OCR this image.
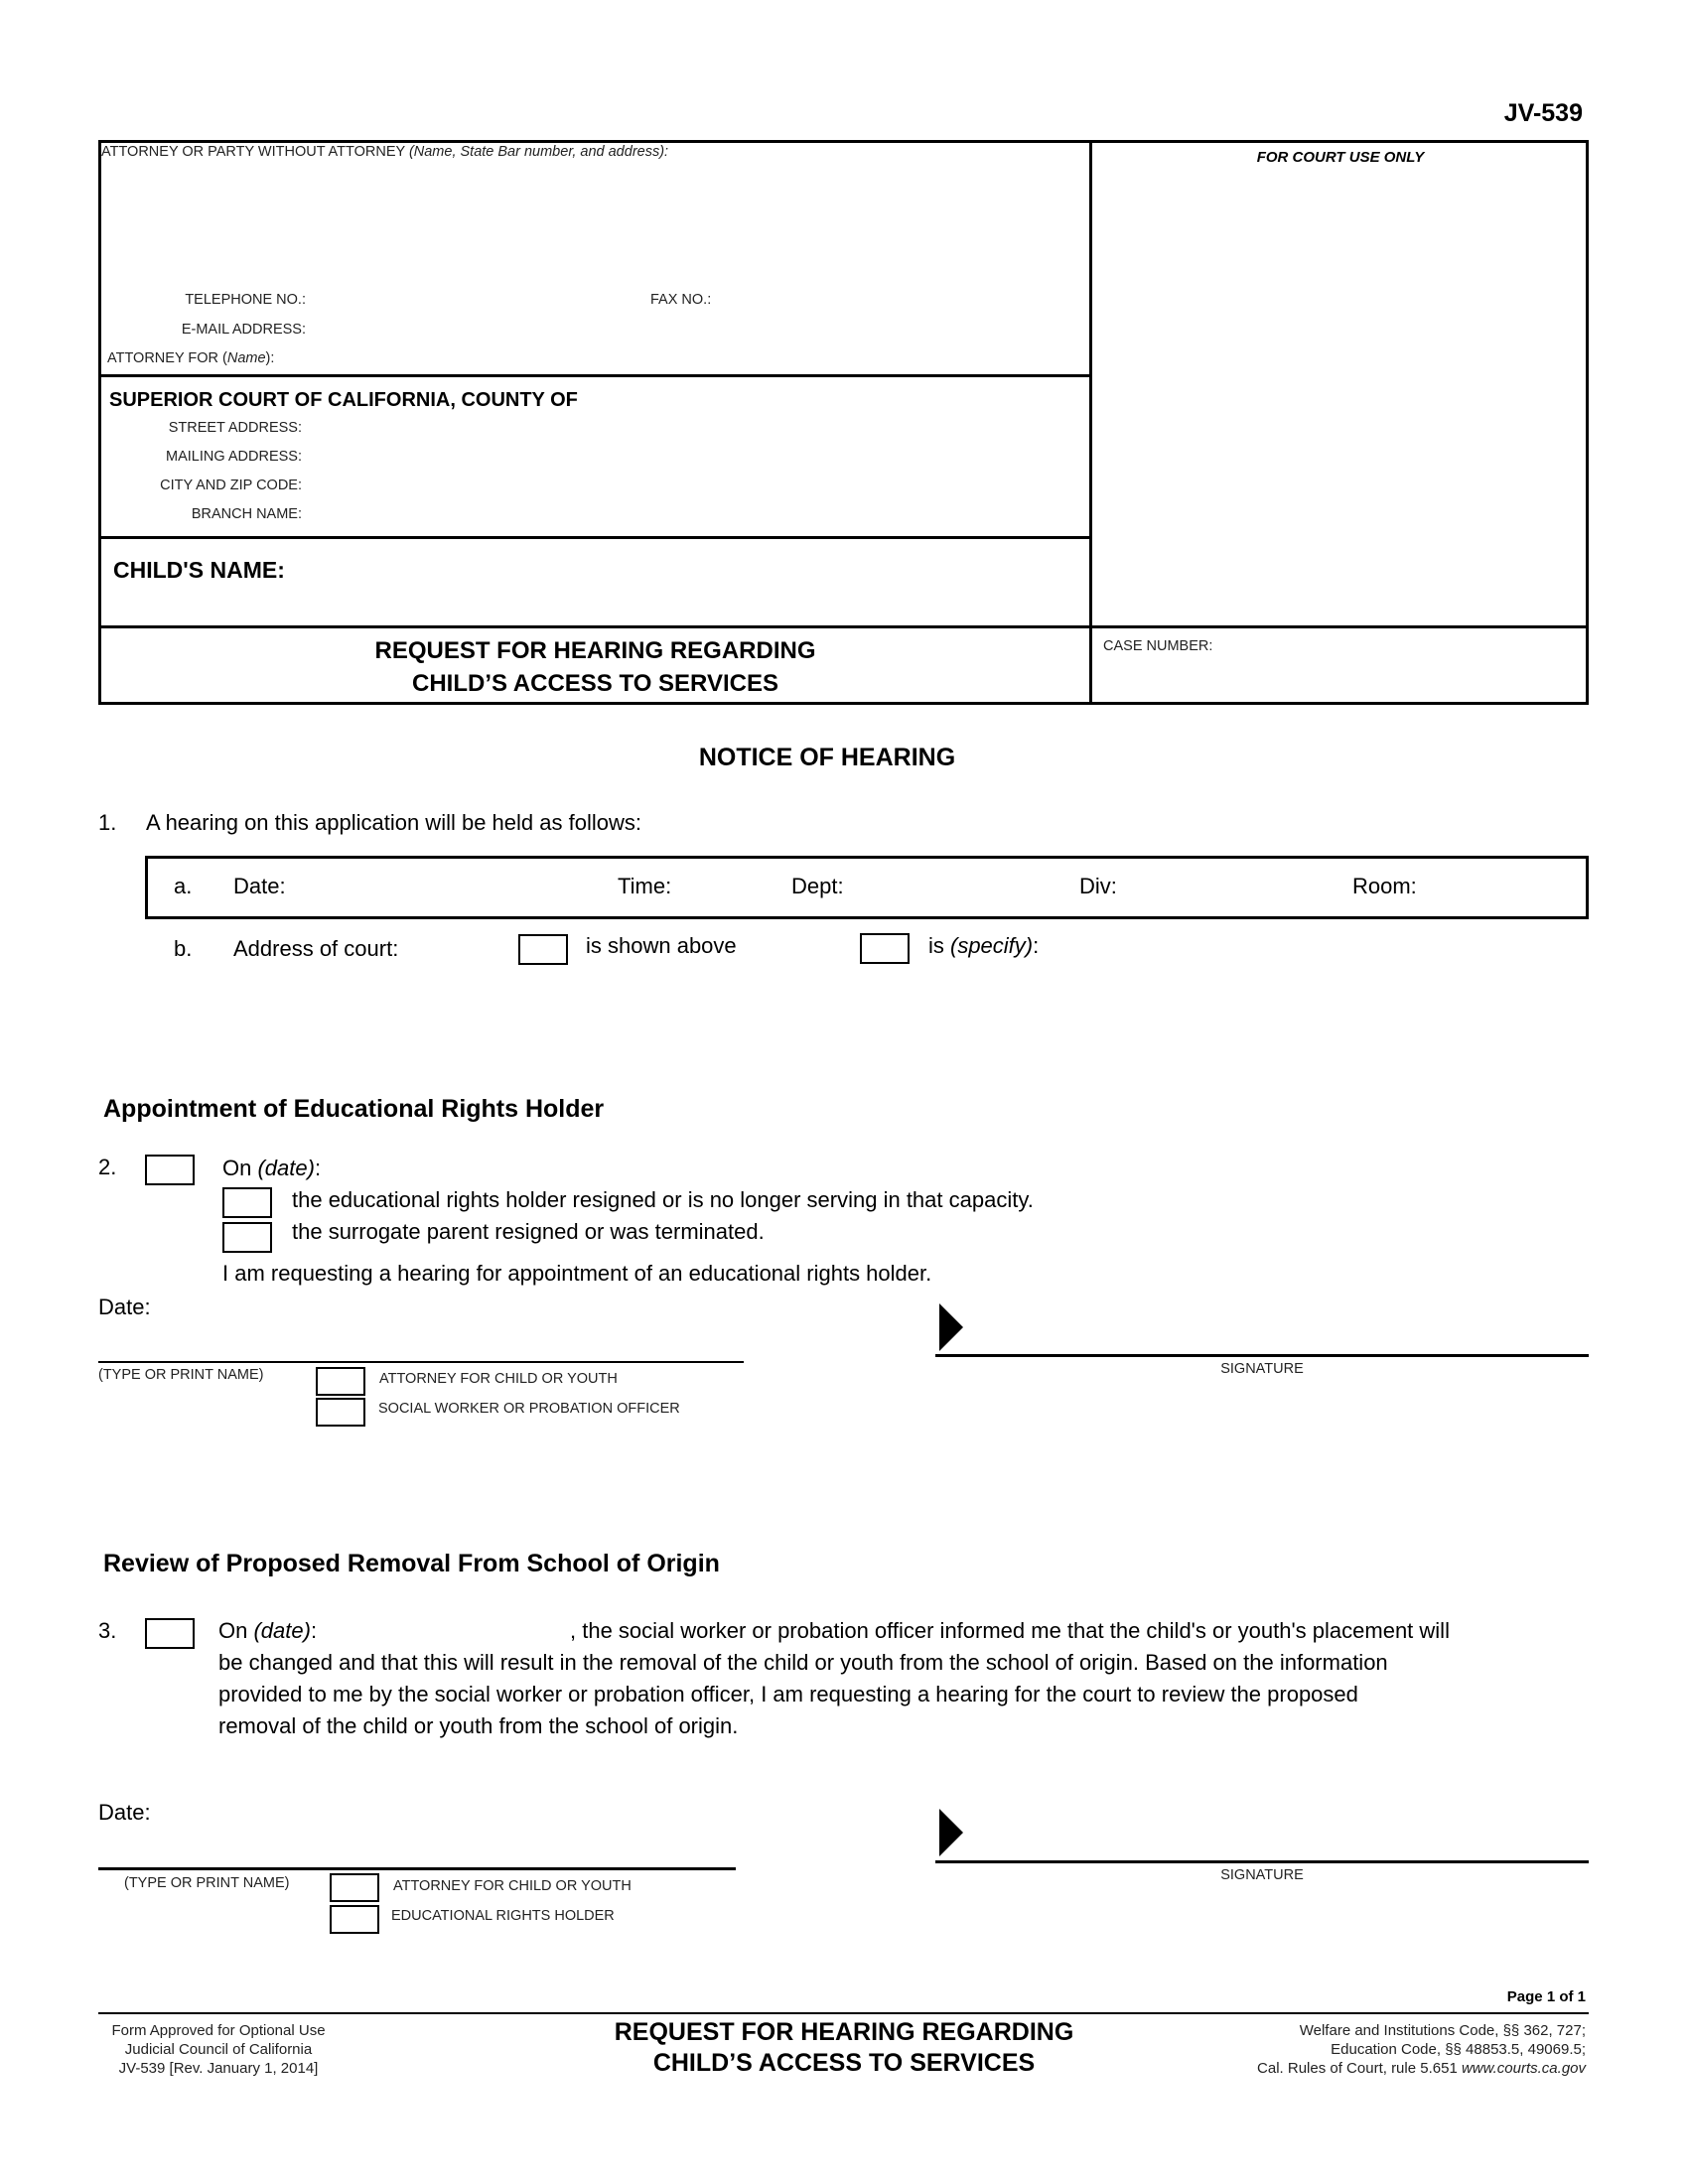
JV-539
ATTORNEY OR PARTY WITHOUT ATTORNEY (Name, State Bar number, and address):
TELEPHONE NO.:	FAX NO.:
E-MAIL ADDRESS:
ATTORNEY FOR (Name):
SUPERIOR COURT OF CALIFORNIA, COUNTY OF
STREET ADDRESS:
MAILING ADDRESS:
CITY AND ZIP CODE:
BRANCH NAME:
CHILD'S NAME:
REQUEST FOR HEARING REGARDING
CHILD’S ACCESS TO SERVICES
FOR COURT USE ONLY
CASE NUMBER:
NOTICE OF HEARING
1. A hearing on this application will be held as follows:
a. Date:	Time:	Dept:	Div:	Room:
b. Address of court:	is shown above	is (specify):
Appointment of Educational Rights Holder
2.	On (date):
the educational rights holder resigned or is no longer serving in that capacity.
the surrogate parent resigned or was terminated.
I am requesting a hearing for appointment of an educational rights holder.
Date:
(TYPE OR PRINT NAME)	ATTORNEY FOR CHILD OR YOUTH
SOCIAL WORKER OR PROBATION OFFICER
SIGNATURE
Review of Proposed Removal From School of Origin
3.	On (date):	, the social worker or probation officer informed me that the child's or youth's placement will
be changed and that this will result in the removal of the child or youth from the school of origin. Based on the information
provided to me by the social worker or probation officer, I am requesting a hearing for the court to review the proposed
removal of the child or youth from the school of origin.
Date:
(TYPE OR PRINT NAME)	ATTORNEY FOR CHILD OR YOUTH
EDUCATIONAL RIGHTS HOLDER
SIGNATURE
Page 1 of 1
Form Approved for Optional Use
Judicial Council of California
JV-539 [Rev. January 1, 2014]
REQUEST FOR HEARING REGARDING
CHILD’S ACCESS TO SERVICES
Welfare and Institutions Code, §§ 362, 727;
Education Code, §§ 48853.5, 49069.5;
Cal. Rules of Court, rule 5.651 www.courts.ca.gov
